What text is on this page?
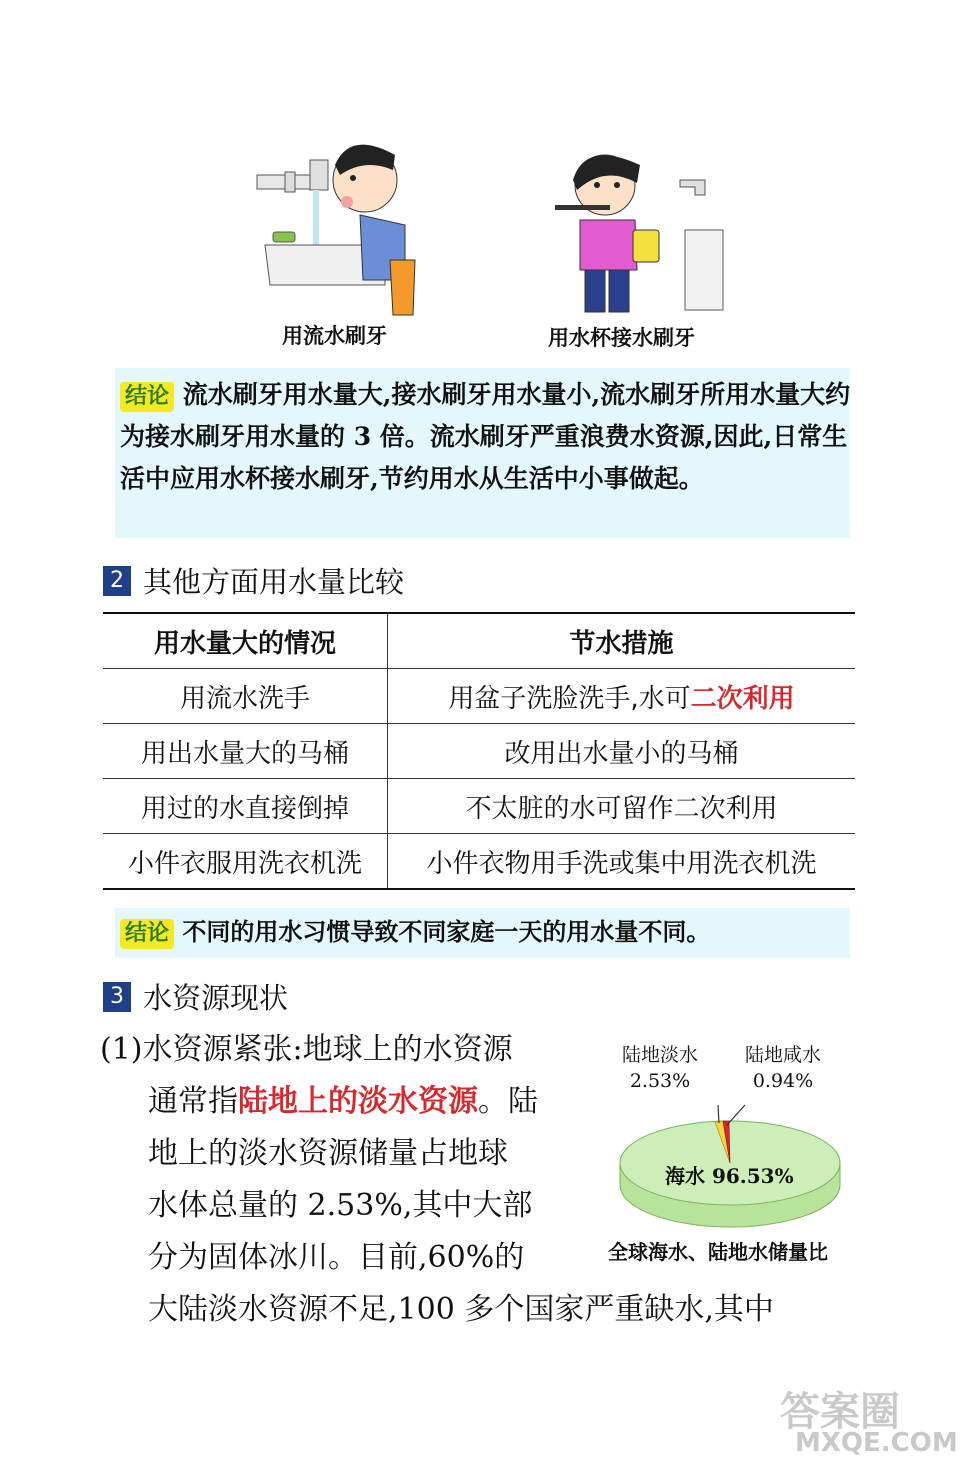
用流水刷牙	用水杯接水刷牙

结论 流水刷牙用水量大,接水刷牙用水量小,流水刷牙所用水量大约为接水刷牙用水量的 3 倍。流水刷牙严重浪费水资源,因此,日常生活中应用水杯接水刷牙,节约用水从生活中小事做起。

2 其他方面用水量比较
用水量大的情况	节水措施
用流水洗手	用盆子洗脸洗手,水可二次利用
用出水量大的马桶	改用出水量小的马桶
用过的水直接倒掉	不太脏的水可留作二次利用
小件衣服用洗衣机洗	小件衣物用手洗或集中用洗衣机洗
结论 不同的用水习惯导致不同家庭一天的用水量不同。
3 水资源现状
(1)水资源紧张:地球上的水资源
通常指陆地上的淡水资源。陆
地上的淡水资源储量占地球
水体总量的 2.53%,其中大部
分为固体冰川。目前,60%的
大陆淡水资源不足,100 多个国家严重缺水,其中
陆地淡水
2.53%
陆地咸水
0.94%
海水 96.53%
全球海水、陆地水储量比
答案圈
MXQE.COM
